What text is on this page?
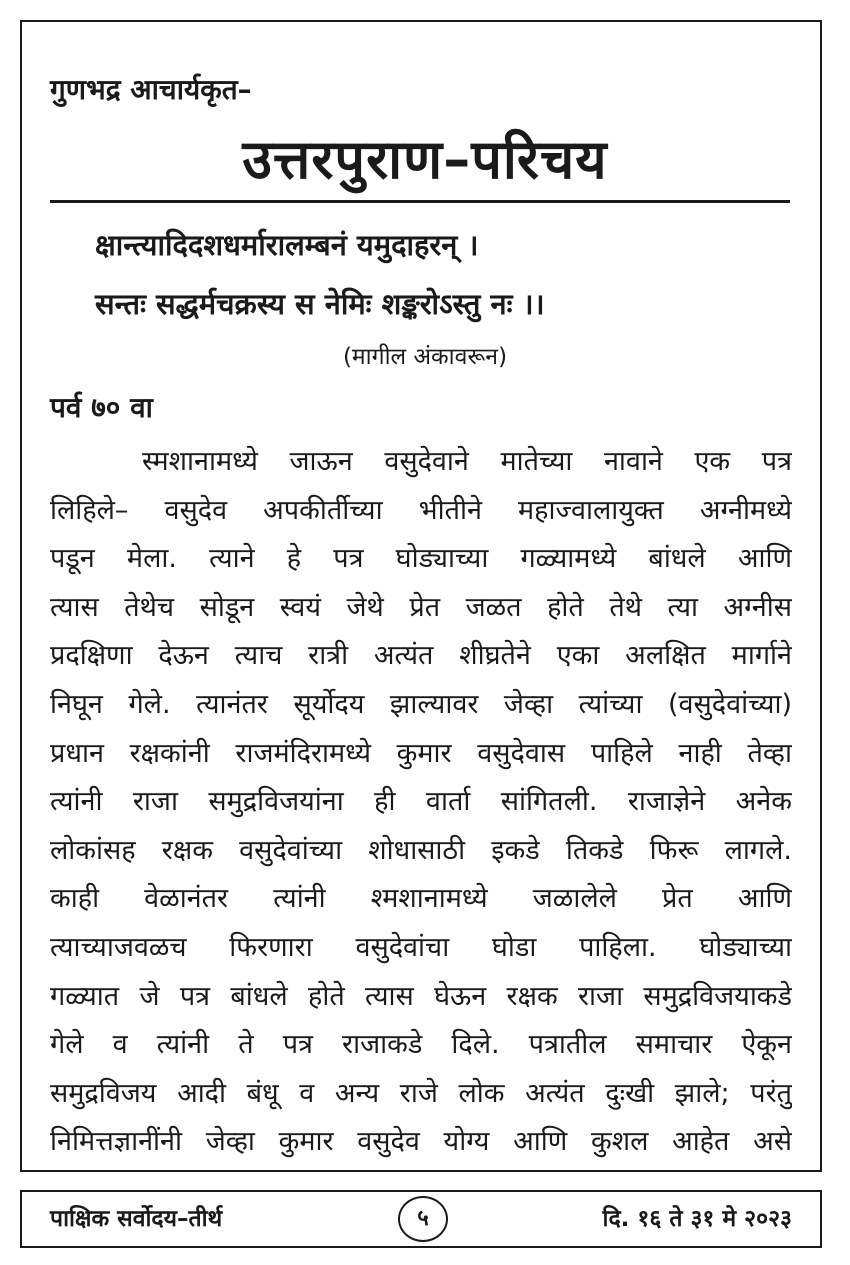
गुणभद्र आचार्यकृत–
उत्तरपुराण–परिचय
क्षान्त्यादिदशधर्मारालम्बनं यमुदाहरन् ।
सन्तः सद्धर्मचक्रस्य स नेमिः शङ्करोऽस्तु नः ।।
(मागील अंकावरून)
पर्व ७० वा
स्मशानामध्ये जाऊन वसुदेवाने मातेच्या नावाने एक पत्र
लिहिले– वसुदेव अपकीर्तीच्या भीतीने महाज्वालायुक्त अग्नीमध्ये
पडून मेला. त्याने हे पत्र घोड्याच्या गळ्यामध्ये बांधले आणि
त्यास तेथेच सोडून स्वयं जेथे प्रेत जळत होते तेथे त्या अग्नीस
प्रदक्षिणा देऊन त्याच रात्री अत्यंत शीघ्रतेने एका अलक्षित मार्गाने
निघून गेले. त्यानंतर सूर्योदय झाल्यावर जेव्हा त्यांच्या (वसुदेवांच्या)
प्रधान रक्षकांनी राजमंदिरामध्ये कुमार वसुदेवास पाहिले नाही तेव्हा
त्यांनी राजा समुद्रविजयांना ही वार्ता सांगितली. राजाज्ञेने अनेक
लोकांसह रक्षक वसुदेवांच्या शोधासाठी इकडे तिकडे फिरू लागले.
काही वेळानंतर त्यांनी श्मशानामध्ये जळालेले प्रेत आणि
त्याच्याजवळच फिरणारा वसुदेवांचा घोडा पाहिला. घोड्याच्या
गळ्यात जे पत्र बांधले होते त्यास घेऊन रक्षक राजा समुद्रविजयाकडे
गेले व त्यांनी ते पत्र राजाकडे दिले. पत्रातील समाचार ऐकून
समुद्रविजय आदी बंधू व अन्य राजे लोक अत्यंत दुःखी झाले; परंतु
निमित्तज्ञानींनी जेव्हा कुमार वसुदेव योग्य आणि कुशल आहेत असे
पाक्षिक सर्वोदय–तीर्थ	५	दि. १६ ते ३१ मे २०२३
